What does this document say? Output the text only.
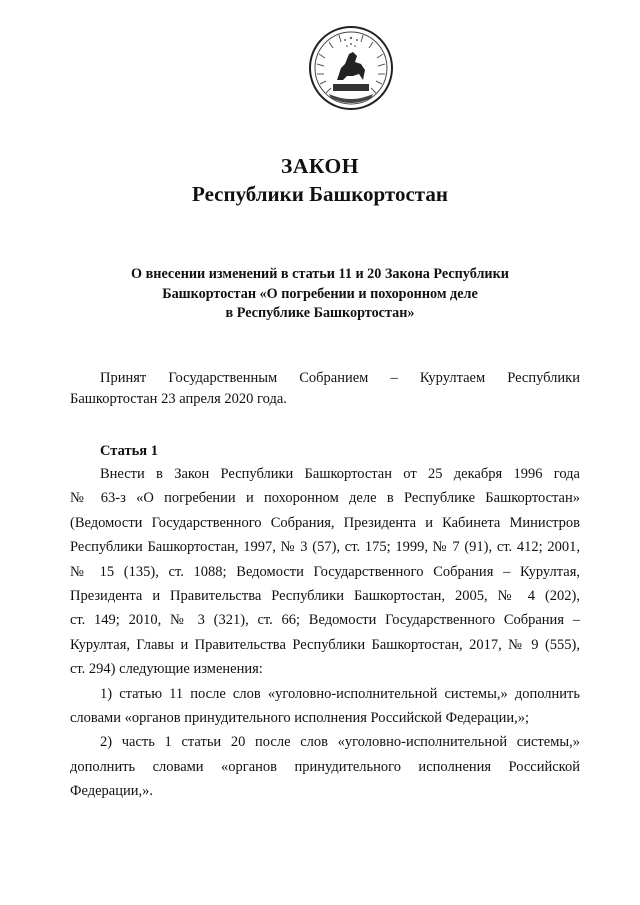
ЗАКОН
Республики Башкортостан
О внесении изменений в статьи 11 и 20 Закона Республики
Башкортостан «О погребении и похоронном деле
в Республике Башкортостан»
Принят Государственным Собранием – Курултаем Республики
Башкортостан 23 апреля 2020 года.
Статья 1
Внести в Закон Республики Башкортостан от 25 декабря 1996 года
№ 63-з «О погребении и похоронном деле в Республике Башкортостан»
(Ведомости Государственного Собрания, Президента и Кабинета Министров
Республики Башкортостан, 1997, № 3 (57), ст. 175; 1999, № 7 (91), ст. 412; 2001,
№ 15 (135), ст. 1088; Ведомости Государственного Собрания – Курултая,
Президента и Правительства Республики Башкортостан, 2005, № 4 (202),
ст. 149; 2010, № 3 (321), ст. 66; Ведомости Государственного Собрания –
Курултая, Главы и Правительства Республики Башкортостан, 2017, № 9 (555),
ст. 294) следующие изменения:
1) статью 11 после слов «уголовно-исполнительной системы,» дополнить
словами «органов принудительного исполнения Российской Федерации,»;
2) часть 1 статьи 20 после слов «уголовно-исполнительной системы,»
дополнить словами «органов принудительного исполнения Российской
Федерации,».
